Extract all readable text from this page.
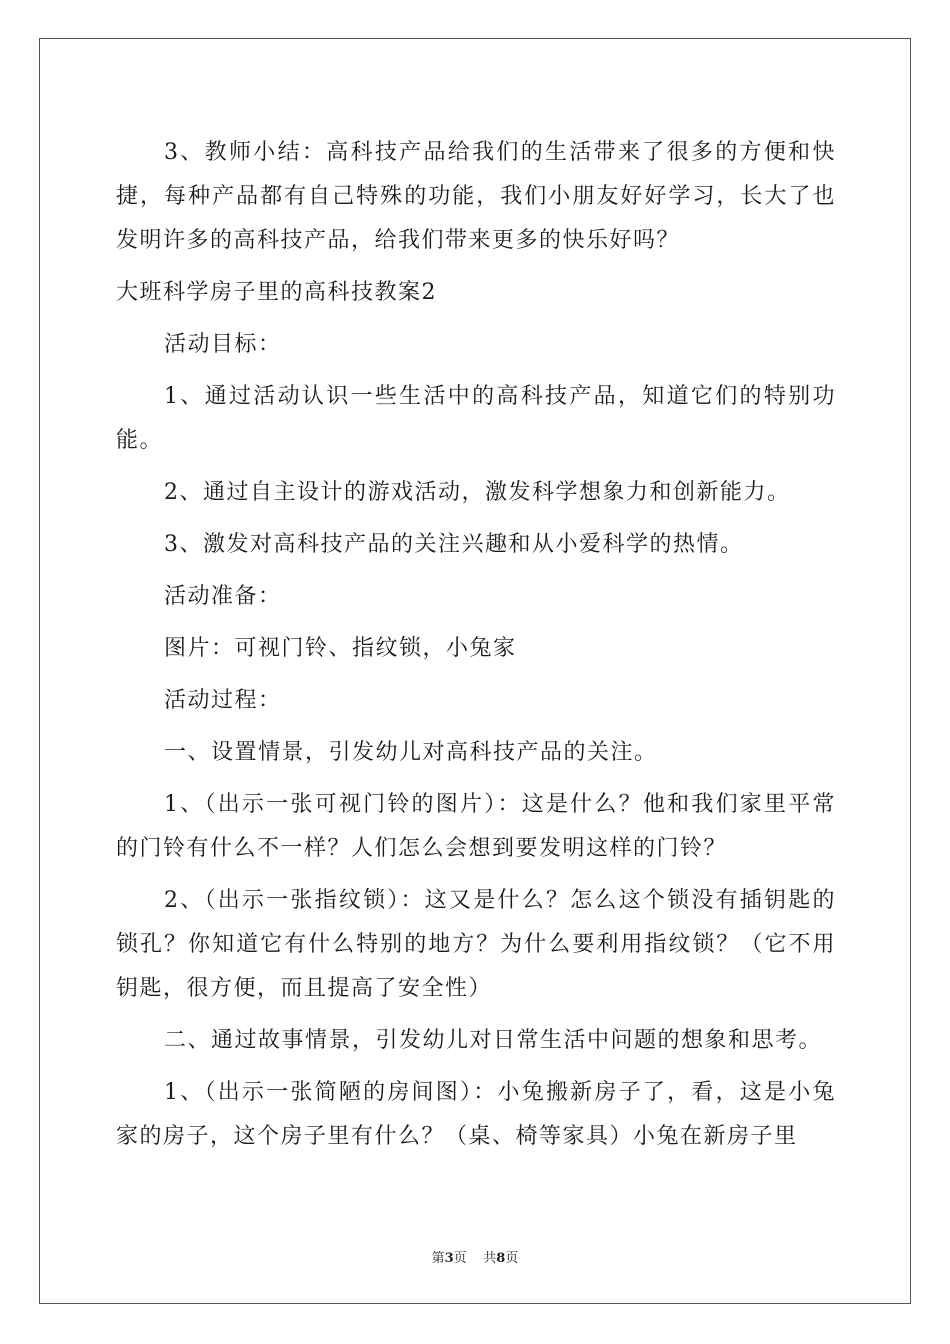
3、教师小结：高科技产品给我们的生活带来了很多的方便和快捷，每种产品都有自己特殊的功能，我们小朋友好好学习，长大了也发明许多的高科技产品，给我们带来更多的快乐好吗？

大班科学房子里的高科技教案2

活动目标：

1、通过活动认识一些生活中的高科技产品，知道它们的特别功能。

2、通过自主设计的游戏活动，激发科学想象力和创新能力。

3、激发对高科技产品的关注兴趣和从小爱科学的热情。

活动准备：

图片：可视门铃、指纹锁，小兔家

活动过程：

一、设置情景，引发幼儿对高科技产品的关注。

1、（出示一张可视门铃的图片）：这是什么？他和我们家里平常的门铃有什么不一样？人们怎么会想到要发明这样的门铃？

2、（出示一张指纹锁）：这又是什么？怎么这个锁没有插钥匙的锁孔？你知道它有什么特别的地方？为什么要利用指纹锁？（它不用钥匙，很方便，而且提高了安全性）

二、通过故事情景，引发幼儿对日常生活中问题的想象和思考。

1、（出示一张简陋的房间图）：小兔搬新房子了，看，这是小兔家的房子，这个房子里有什么？（桌、椅等家具）小兔在新房子里

第3页 共8页
